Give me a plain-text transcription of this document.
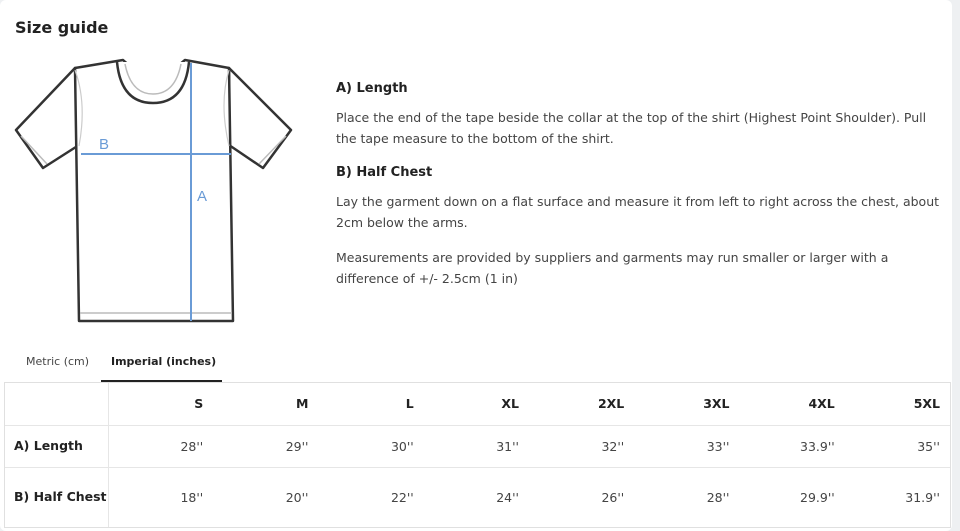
Size guide
B
A
A) Length

Place the end of the tape beside the collar at the top of the shirt (Highest Point Shoulder). Pull the tape measure to the bottom of the shirt.

B) Half Chest

Lay the garment down on a flat surface and measure it from left to right across the chest, about 2cm below the arms.

Measurements are provided by suppliers and garments may run smaller or larger with a difference of +/- 2.5cm (1 in)

Metric (cm) Imperial (inches)
	S	M	L	XL	2XL	3XL	4XL	5XL
A) Length	28''	29''	30''	31''	32''	33''	33.9''	35''
B) Half Chest	18''	20''	22''	24''	26''	28''	29.9''	31.9''
